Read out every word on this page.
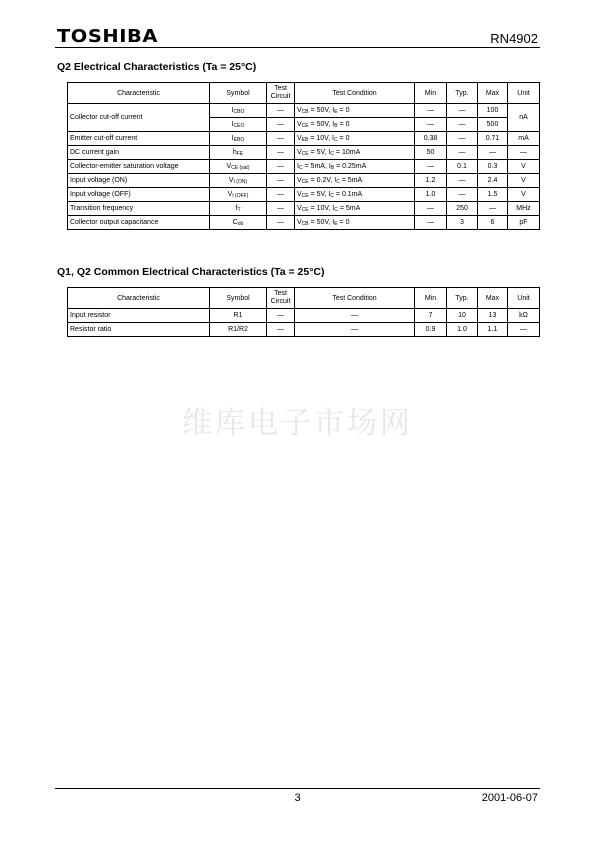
TOSHIBA	RN4902
Q2 Electrical Characteristics (Ta = 25°C)
Characteristic	Symbol	Test
Circuit	Test Condition	Min	Typ.	Max	Unit
Collector cut-off current	$I_{CBO}$	—	$V_{CB} = 50V$, $I_E = 0$	—	—	100	nA
	$I_{CEO}$	—	$V_{CE} = 50V$, $I_B = 0$	—	—	500	
Emitter cut-off current	$I_{EBO}$	—	$V_{EB} = 10V$, $I_C = 0$	0.38	—	0.71	mA
DC current gain	$h_{FE}$	—	$V_{CE} = 5V$, $I_C = 10mA$	50	—	—	—
Collector-emitter saturation voltage	$V_{CE (sat)}$	—	$I_C = 5mA$, $I_B = 0.25mA$	—	0.1	0.3	V
Input voltage (ON)	$V_{I (ON)}$	—	$V_{CE} = 0.2V$, $I_C = 5mA$	1.2	—	2.4	V
Input voltage (OFF)	$V_{I (OFF)}$	—	$V_{CE} = 5V$, $I_C = 0.1mA$	1.0	—	1.5	V
Transition frequency	$f_T$	—	$V_{CE} = 10V$, $I_C = 5mA$	—	250	—	MHz
Collector output capacitance	$C_{ob}$	—	$V_{CB} = 50V$, $I_E = 0$	—	3	6	pF
Q1, Q2 Common Electrical Characteristics (Ta = 25°C)
Characteristic	Symbol	Test
Circuit	Test Condition	Min	Typ.	Max	Unit
Input resistor	R1	—	—	7	10	13	kΩ
Resistor ratio	R1/R2	—	—	0.9	1.0	1.1	—
维库电子市场网
3	2001-06-07
